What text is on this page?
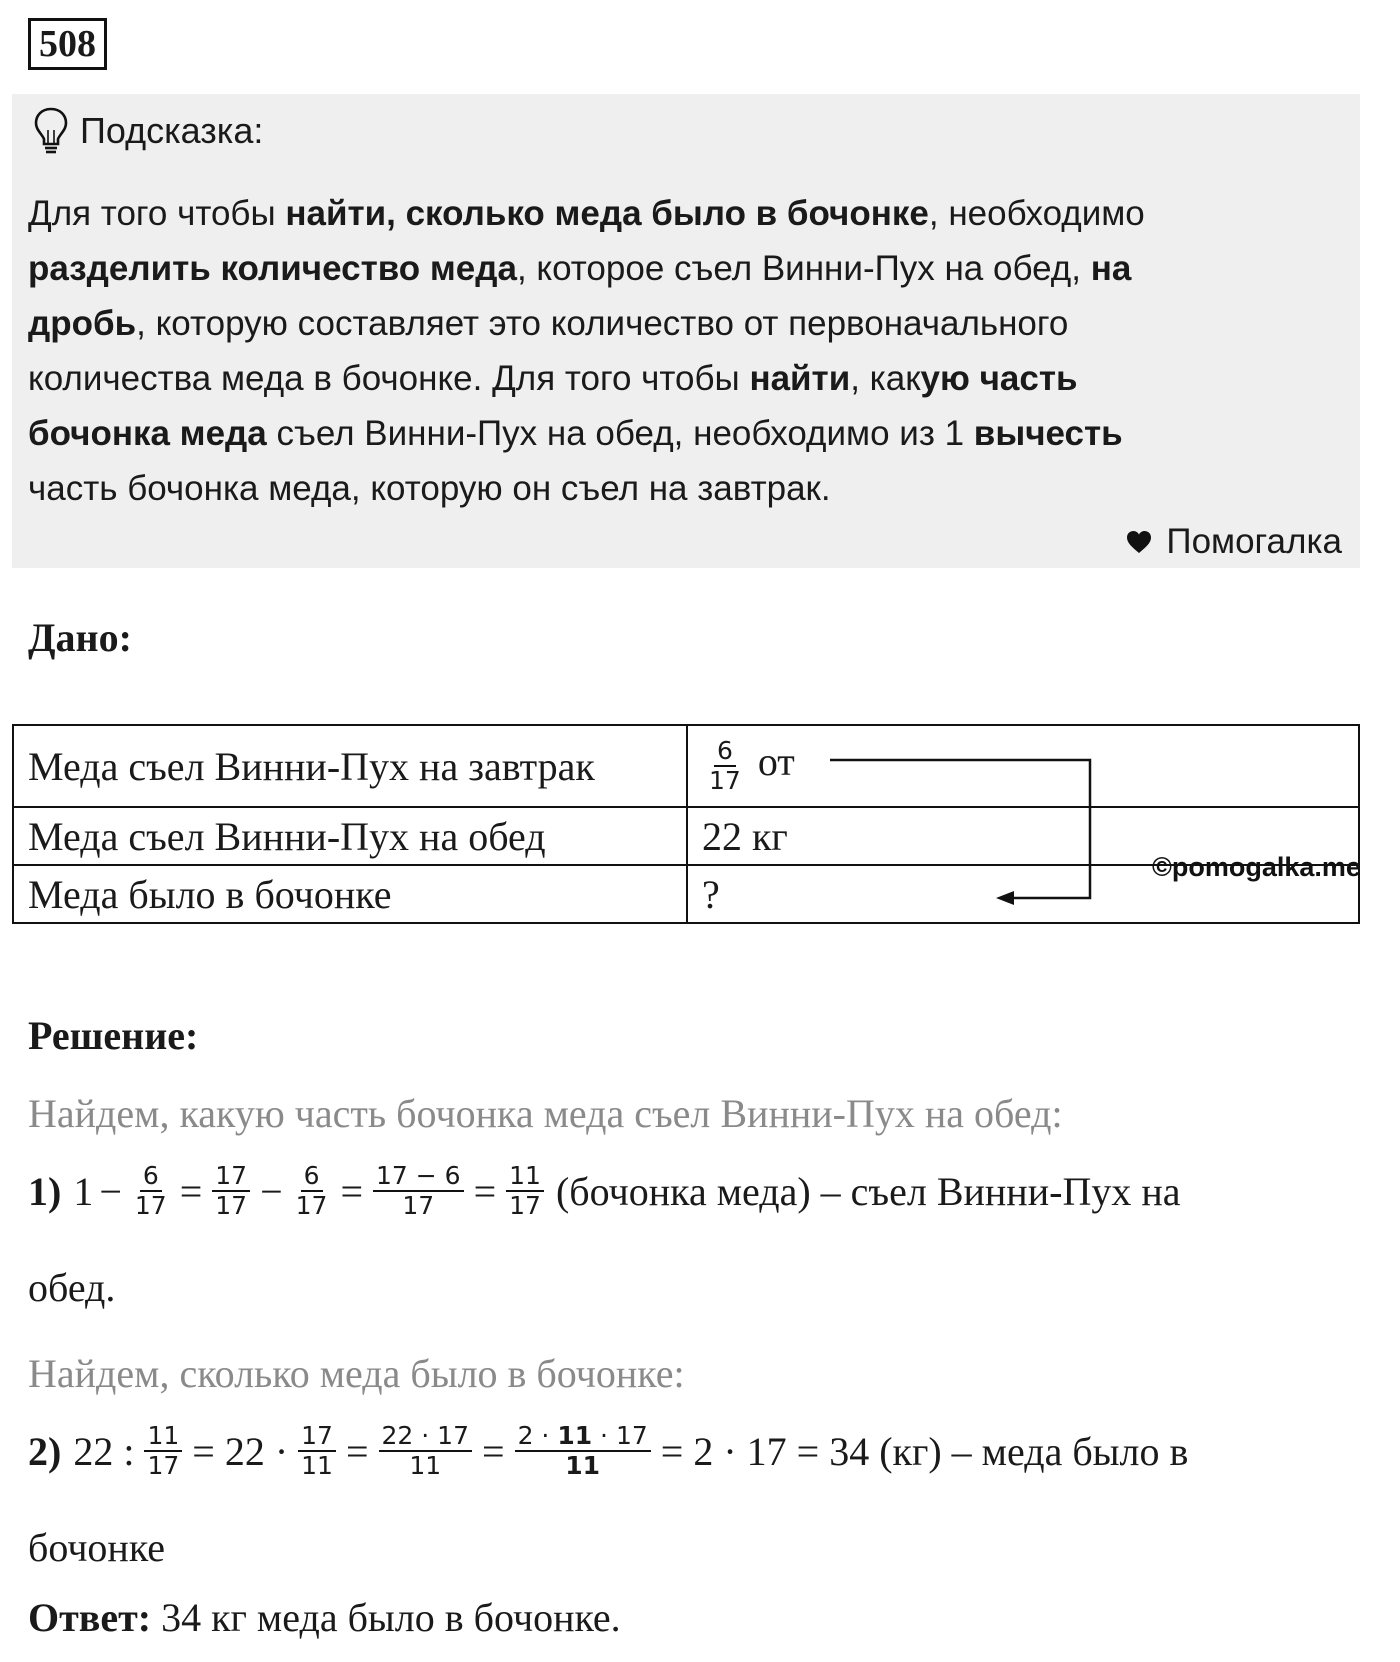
508
Подсказка:
Для того чтобы найти, сколько меда было в бочонке, необходимо
разделить количество меда, которое съел Винни-Пух на обед, на
дробь, которую составляет это количество от первоначального
количества меда в бочонке. Для того чтобы найти, какую часть
бочонка меда съел Винни-Пух на обед, необходимо из 1 вычесть
часть бочонка меда, которую он съел на завтрак.
Помогалка
Дано:
Меда съел Винни-Пух на завтрак	$\frac{6}{17}$ от
Меда съел Винни-Пух на обед	22 кг
Меда было в бочонке	?
©pomogalka.me
Решение:
Найдем, какую часть бочонка меда съел Винни-Пух на обед:
1) $1 - \frac{6}{17} = \frac{17}{17} - \frac{6}{17} = \frac{17 - 6}{17} = \frac{11}{17}$ (бочонка меда) – съел Винни-Пух на
обед.
Найдем, сколько меда было в бочонке:
2) 22 : $\frac{11}{17} = 22 \cdot \frac{17}{11} = \frac{22 \cdot 17}{11} = \frac{2 \cdot 11 \cdot 17}{11} = 2 \cdot 17 = 34$ (кг) – меда было в
бочонке
Ответ: 34 кг меда было в бочонке.
